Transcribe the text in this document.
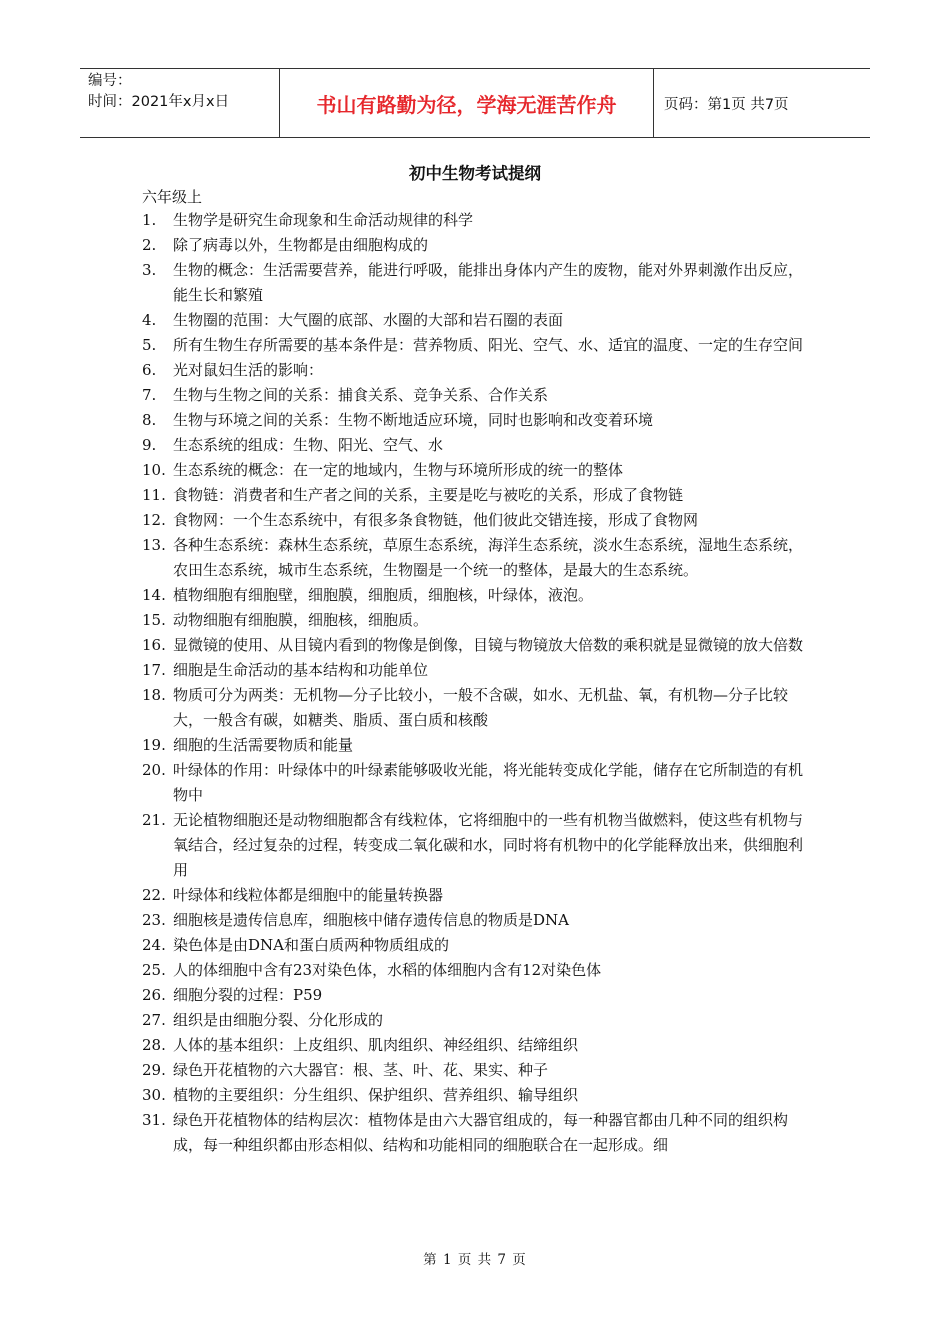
编号：
时间：2021年x月x日	书山有路勤为径，学海无涯苦作舟	页码：第1页 共7页
初中生物考试提纲
六年级上
1. 生物学是研究生命现象和生命活动规律的科学
2. 除了病毒以外，生物都是由细胞构成的
3. 生物的概念：生活需要营养，能进行呼吸，能排出身体内产生的废物，能对外界刺激作出反应，能生长和繁殖
4. 生物圈的范围：大气圈的底部、水圈的大部和岩石圈的表面
5. 所有生物生存所需要的基本条件是：营养物质、阳光、空气、水、适宜的温度、一定的生存空间
6. 光对鼠妇生活的影响：
7. 生物与生物之间的关系：捕食关系、竞争关系、合作关系
8. 生物与环境之间的关系：生物不断地适应环境，同时也影响和改变着环境
9. 生态系统的组成：生物、阳光、空气、水
10. 生态系统的概念：在一定的地域内，生物与环境所形成的统一的整体
11. 食物链：消费者和生产者之间的关系，主要是吃与被吃的关系，形成了食物链
12. 食物网：一个生态系统中，有很多条食物链，他们彼此交错连接，形成了食物网
13. 各种生态系统：森林生态系统，草原生态系统，海洋生态系统，淡水生态系统，湿地生态系统，农田生态系统，城市生态系统，生物圈是一个统一的整体，是最大的生态系统。
14. 植物细胞有细胞壁，细胞膜，细胞质，细胞核，叶绿体，液泡。
15. 动物细胞有细胞膜，细胞核，细胞质。
16. 显微镜的使用、从目镜内看到的物像是倒像，目镜与物镜放大倍数的乘积就是显微镜的放大倍数
17. 细胞是生命活动的基本结构和功能单位
18. 物质可分为两类：无机物—分子比较小，一般不含碳，如水、无机盐、氧，有机物—分子比较大，一般含有碳，如糖类、脂质、蛋白质和核酸
19. 细胞的生活需要物质和能量
20. 叶绿体的作用：叶绿体中的叶绿素能够吸收光能，将光能转变成化学能，储存在它所制造的有机物中
21. 无论植物细胞还是动物细胞都含有线粒体，它将细胞中的一些有机物当做燃料，使这些有机物与氧结合，经过复杂的过程，转变成二氧化碳和水，同时将有机物中的化学能释放出来，供细胞利用
22. 叶绿体和线粒体都是细胞中的能量转换器
23. 细胞核是遗传信息库，细胞核中储存遗传信息的物质是DNA
24. 染色体是由DNA和蛋白质两种物质组成的
25. 人的体细胞中含有23对染色体，水稻的体细胞内含有12对染色体
26. 细胞分裂的过程：P59
27. 组织是由细胞分裂、分化形成的
28. 人体的基本组织：上皮组织、肌肉组织、神经组织、结缔组织
29. 绿色开花植物的六大器官：根、茎、叶、花、果实、种子
30. 植物的主要组织：分生组织、保护组织、营养组织、输导组织
31. 绿色开花植物体的结构层次：植物体是由六大器官组成的，每一种器官都由几种不同的组织构成，每一种组织都由形态相似、结构和功能相同的细胞联合在一起形成。细
第 1 页 共 7 页
